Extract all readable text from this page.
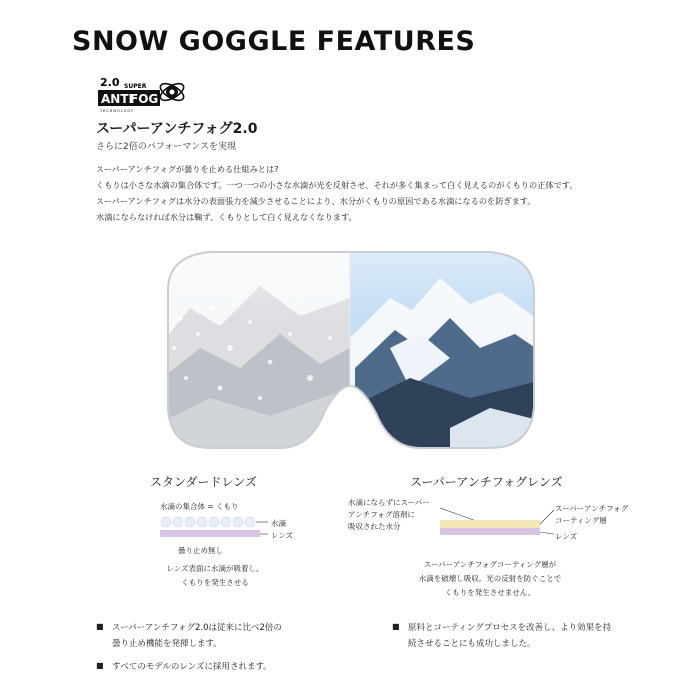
SNOW GOGGLE FEATURES
2.0 SUPER
ANTI
FOG
TECHNOLOGY
スーパーアンチフォグ2.0
さらに2倍のパフォーマンスを実現
スーパーアンチフォグが曇りを止める仕組みとは?
くもりは小さな水滴の集合体です。一つ一つの小さな水滴が光を反射させ、それが多く集まって白く見えるのがくもりの正体です。
スーパーアンチフォグは水分の表面張力を減少させることにより、水分がくもりの原因である水滴になるのを防ぎます。
水滴にならなければ水分は鞠ず、くもりとして白く見えなくなります。
スタンダードレンズ
水滴の集合体 = くもり
水滴
レンズ
曇り止め無し
レンズ表面に水滴が吸着し、
くもりを発生させる
スーパーアンチフォグレンズ
水滴にならずにスーパー
アンチフォグ溶剤に
吸収された水分
スーパーアンチフォグ
コーティング層
レンズ
スーパーアンチフォグコーティング層が
水滴を破壊し吸収。光の反射を防ぐことで
くもりを発生させません。
■ スーパーアンチフォグ2.0は従来に比べ2倍の
曇り止め機能を発揮します。
■ すべてのモデルのレンズに採用されます。
■ 原料とコーティングプロセスを改善し、より効果を持
続させることにも成功しました。
